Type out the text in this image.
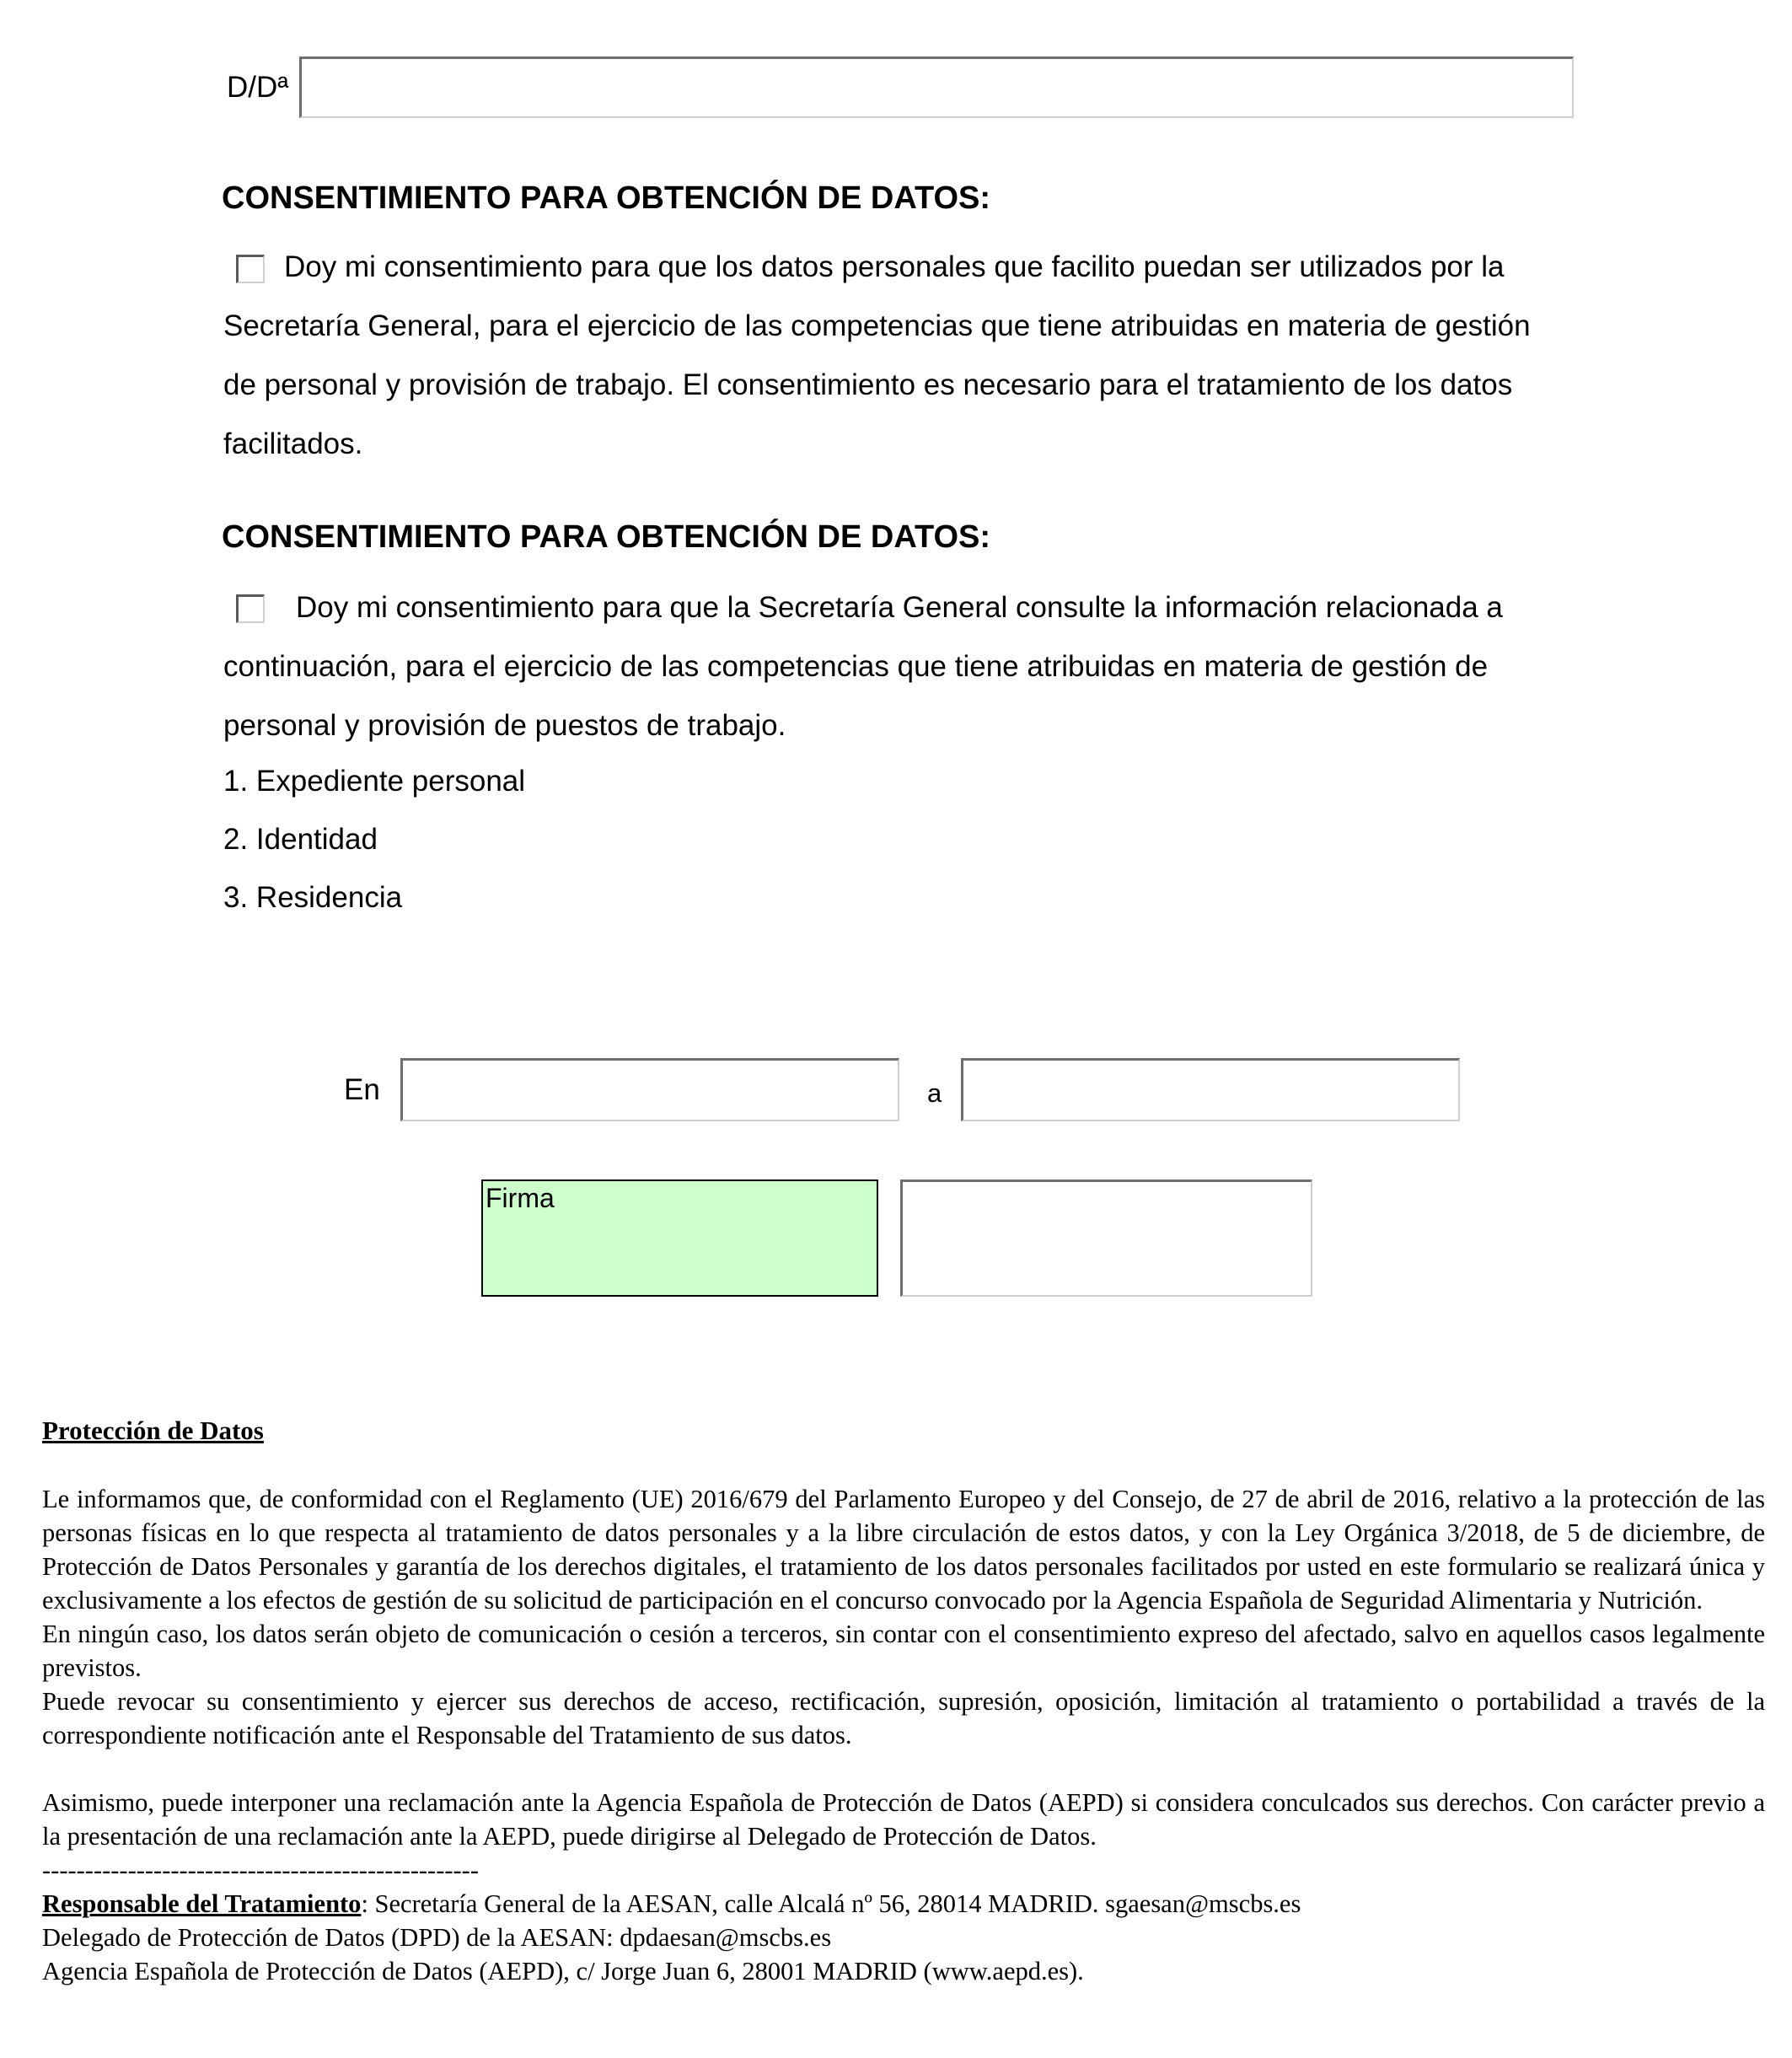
D/Dª
CONSENTIMIENTO PARA OBTENCIÓN DE DATOS:
Doy mi consentimiento para que los datos personales que facilito puedan ser utilizados por la
Secretaría General, para el ejercicio de las competencias que tiene atribuidas en materia de gestión
de personal y provisión de trabajo. El consentimiento es necesario para el tratamiento de los datos
facilitados.
CONSENTIMIENTO PARA OBTENCIÓN DE DATOS:
Doy mi consentimiento para que la Secretaría General consulte la información relacionada a
continuación, para el ejercicio de las competencias que tiene atribuidas en materia de gestión de
personal y provisión de puestos de trabajo.
1. Expediente personal
2. Identidad
3. Residencia
En	a
Firma
Protección de Datos

Le informamos que, de conformidad con el Reglamento (UE) 2016/679 del Parlamento Europeo y del Consejo, de 27 de abril de 2016, relativo a la protección de las personas físicas en lo que respecta al tratamiento de datos personales y a la libre circulación de estos datos, y con la Ley Orgánica 3/2018, de 5 de diciembre, de Protección de Datos Personales y garantía de los derechos digitales, el tratamiento de los datos personales facilitados por usted en este formulario se realizará única y exclusivamente a los efectos de gestión de su solicitud de participación en el concurso convocado por la Agencia Española de Seguridad Alimentaria y Nutrición.

En ningún caso, los datos serán objeto de comunicación o cesión a terceros, sin contar con el consentimiento expreso del afectado, salvo en aquellos casos legalmente previstos.

Puede revocar su consentimiento y ejercer sus derechos de acceso, rectificación, supresión, oposición, limitación al tratamiento o portabilidad a través de la correspondiente notificación ante el Responsable del Tratamiento de sus datos.

Asimismo, puede interponer una reclamación ante la Agencia Española de Protección de Datos (AEPD) si considera conculcados sus derechos. Con carácter previo a la presentación de una reclamación ante la AEPD, puede dirigirse al Delegado de Protección de Datos.

---------------------------------------------------

Responsable del Tratamiento: Secretaría General de la AESAN, calle Alcalá nº 56, 28014 MADRID. sgaesan@mscbs.es

Delegado de Protección de Datos (DPD) de la AESAN: dpdaesan@mscbs.es

Agencia Española de Protección de Datos (AEPD), c/ Jorge Juan 6, 28001 MADRID (www.aepd.es).
